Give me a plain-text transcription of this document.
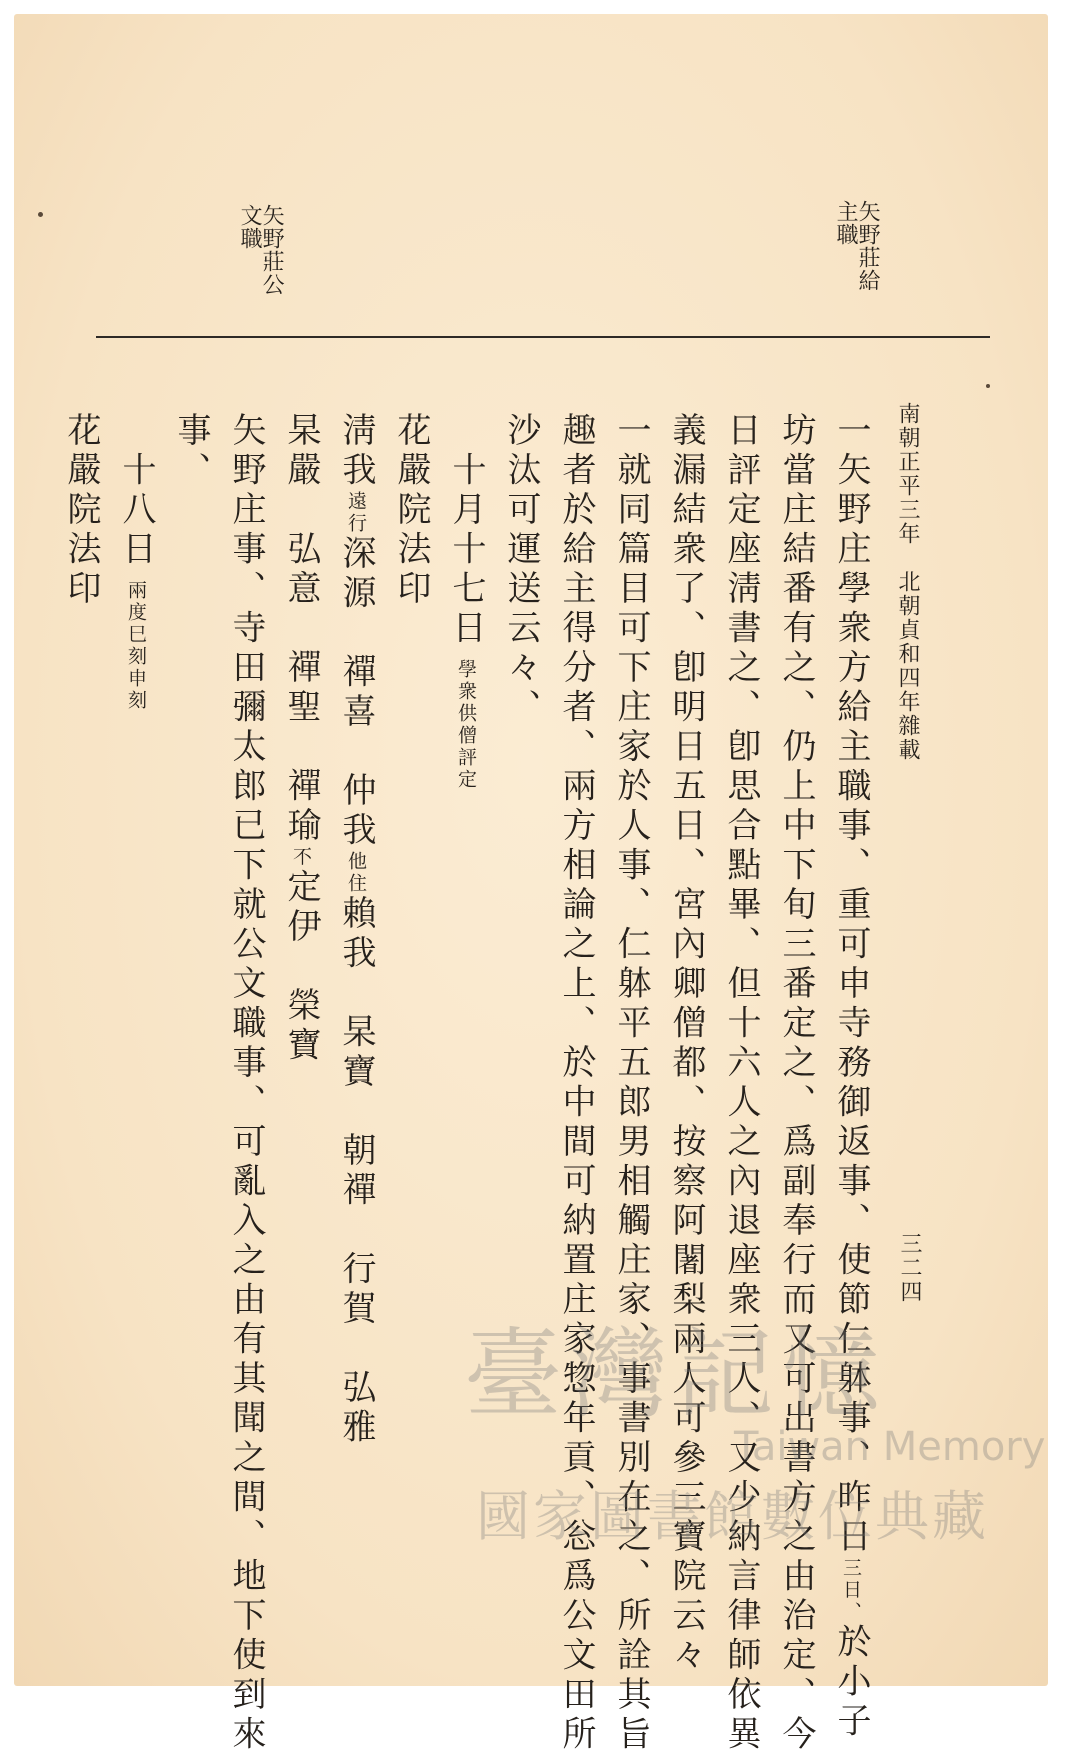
南朝正平三年　北朝貞和四年雜載
三二四
矢野莊給
主職
矢野莊公
文職
一矢野庄學衆方給主職事、重可申寺務御返事、使節仁躰事、昨日三日、於小子
坊當庄結番有之、仍上中下旬三番定之、爲副奉行而又可出書方之由治定、今
日評定座淸書之、卽思合點畢、但十六人之內退座衆三人、又少納言律師依異
義漏結衆了、卽明日五日、宮內卿僧都、按察阿闍梨兩人可參三寶院云々
一就同篇目可下庄家於人事、仁躰平五郎男相觸庄家、事書別在之、所詮其旨
趣者於給主得分者、兩方相論之上、於中間可納置庄家惣年貢、忩爲公文田所
沙汰可運送云々、
　十月十七日學衆供僧評定
花嚴院法印
淸我遠行深源　禪喜　仲我他住賴我　杲寶　朝禪　行賀　弘雅
杲嚴　弘意　禪聖　禪瑜不定伊　榮寶
矢野庄事、寺田彌太郎已下就公文職事、可亂入之由有其聞之間、地下使到來
事、
　十八日兩度巳刻申刻
花嚴院法印
臺灣記憶
Taiwan Memory
國家圖書館數位典藏
